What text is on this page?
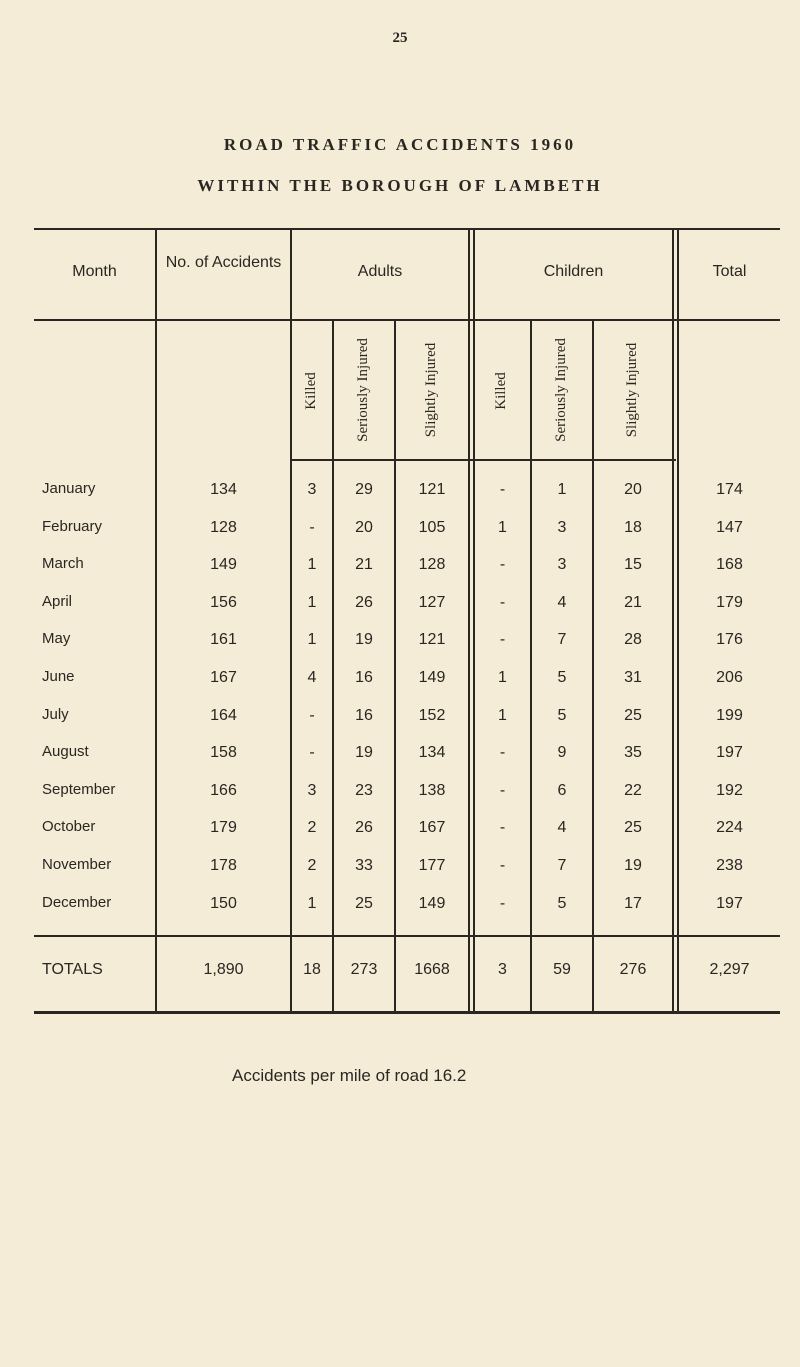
25
ROAD TRAFFIC ACCIDENTS 1960
WITHIN THE BOROUGH OF LAMBETH
Month
No. of Accidents
Adults	Children	Total
Killed	Seriously Injured	Slightly Injured	Killed	Seriously Injured	Slightly Injured
January	134	3	29	121	-	1	20	174
February	128	-	20	105	1	3	18	147
March	149	1	21	128	-	3	15	168
April	156	1	26	127	-	4	21	179
May	161	1	19	121	-	7	28	176
June	167	4	16	149	1	5	31	206
July	164	-	16	152	1	5	25	199
August	158	-	19	134	-	9	35	197
September	166	3	23	138	-	6	22	192
October	179	2	26	167	-	4	25	224
November	178	2	33	177	-	7	19	238
December	150	1	25	149	-	5	17	197
TOTALS	1,890	18	273	1668	3	59	276	2,297
Accidents per mile of road 16.2
